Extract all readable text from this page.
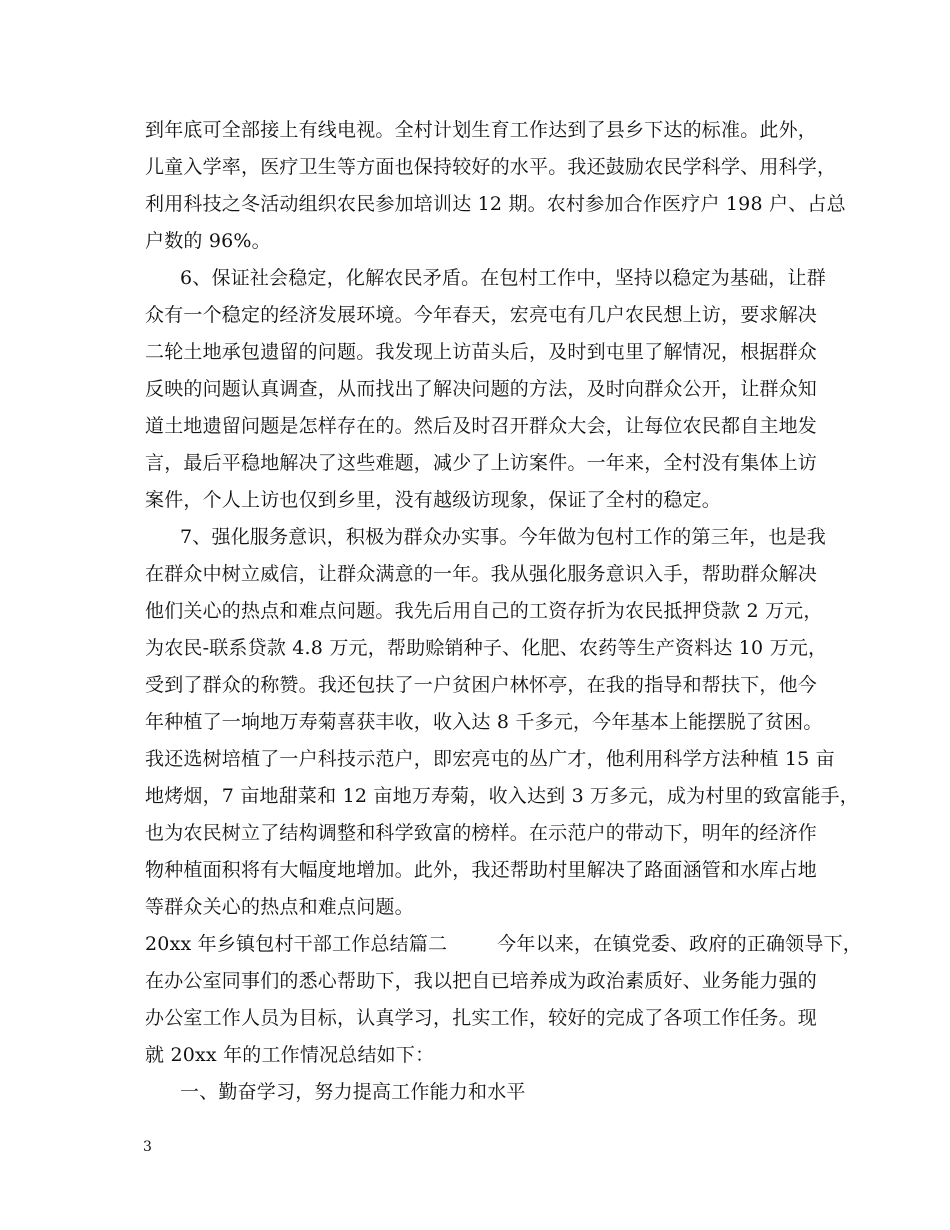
到年底可全部接上有线电视。全村计划生育工作达到了县乡下达的标准。此外，
儿童入学率，医疗卫生等方面也保持较好的水平。我还鼓励农民学科学、用科学，
利用科技之冬活动组织农民参加培训达 12 期。农村参加合作医疗户 198 户、占总
户数的 96%。
6、保证社会稳定，化解农民矛盾。在包村工作中，坚持以稳定为基础，让群
众有一个稳定的经济发展环境。今年春天，宏亮屯有几户农民想上访，要求解决
二轮土地承包遗留的问题。我发现上访苗头后，及时到屯里了解情况，根据群众
反映的问题认真调查，从而找出了解决问题的方法，及时向群众公开，让群众知
道土地遗留问题是怎样存在的。然后及时召开群众大会，让每位农民都自主地发
言，最后平稳地解决了这些难题，减少了上访案件。一年来，全村没有集体上访
案件，个人上访也仅到乡里，没有越级访现象，保证了全村的稳定。
7、强化服务意识，积极为群众办实事。今年做为包村工作的第三年，也是我
在群众中树立威信，让群众满意的一年。我从强化服务意识入手，帮助群众解决
他们关心的热点和难点问题。我先后用自己的工资存折为农民抵押贷款 2 万元，
为农民-联系贷款 4.8 万元，帮助赊销种子、化肥、农药等生产资料达 10 万元，
受到了群众的称赞。我还包扶了一户贫困户林怀亭，在我的指导和帮扶下，他今
年种植了一垧地万寿菊喜获丰收，收入达 8 千多元，今年基本上能摆脱了贫困。
我还选树培植了一户科技示范户，即宏亮屯的丛广才，他利用科学方法种植 15 亩
地烤烟，7 亩地甜菜和 12 亩地万寿菊，收入达到 3 万多元，成为村里的致富能手，
也为农民树立了结构调整和科学致富的榜样。在示范户的带动下，明年的经济作
物种植面积将有大幅度地增加。此外，我还帮助村里解决了路面涵管和水库占地
等群众关心的热点和难点问题。
20xx 年乡镇包村干部工作总结篇二        今年以来，在镇党委、政府的正确领导下，
在办公室同事们的悉心帮助下，我以把自已培养成为政治素质好、业务能力强的
办公室工作人员为目标，认真学习，扎实工作，较好的完成了各项工作任务。现
就 20xx 年的工作情况总结如下：
一、勤奋学习，努力提高工作能力和水平
3
